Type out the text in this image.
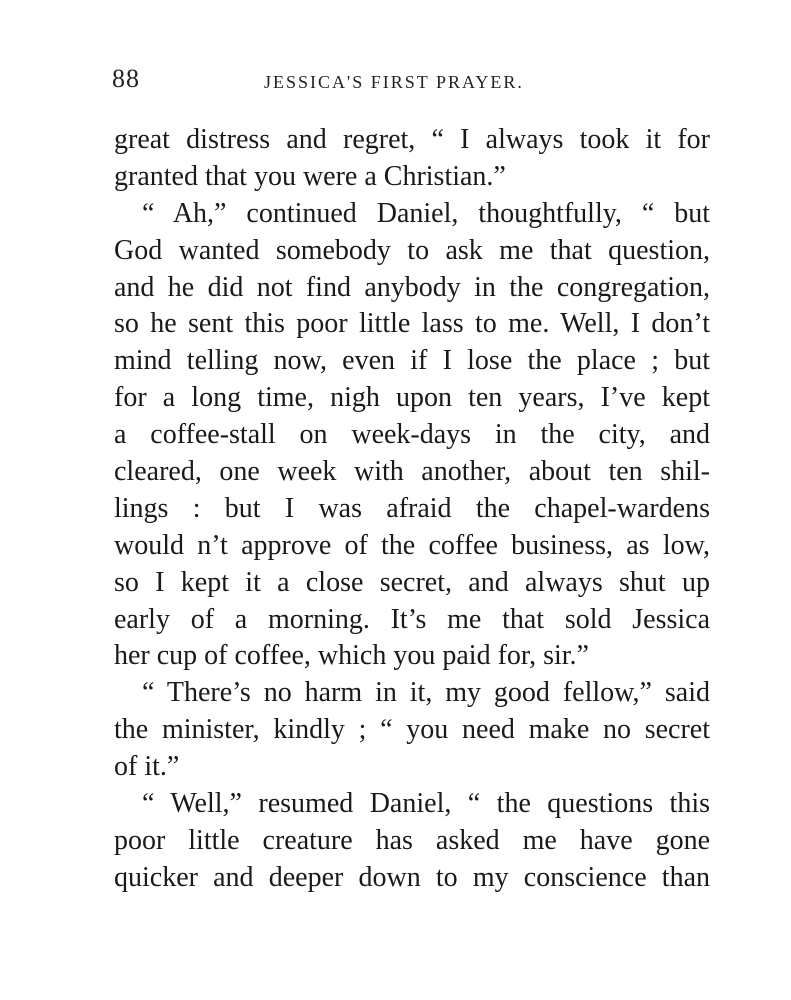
88	JESSICA'S FIRST PRAYER.
great distress and regret, “ I always took it for
granted that you were a Christian.”
“ Ah,” continued Daniel, thoughtfully, “ but
God wanted somebody to ask me that question,
and he did not find anybody in the congregation,
so he sent this poor little lass to me. Well, I don’t
mind telling now, even if I lose the place ; but
for a long time, nigh upon ten years, I’ve kept
a coffee-stall on week-days in the city, and
cleared, one week with another, about ten shil-
lings : but I was afraid the chapel-wardens
would n’t approve of the coffee business, as low,
so I kept it a close secret, and always shut up
early of a morning. It’s me that sold Jessica
her cup of coffee, which you paid for, sir.”
“ There’s no harm in it, my good fellow,” said
the minister, kindly ; “ you need make no secret
of it.”
“ Well,” resumed Daniel, “ the questions this
poor little creature has asked me have gone
quicker and deeper down to my conscience than
